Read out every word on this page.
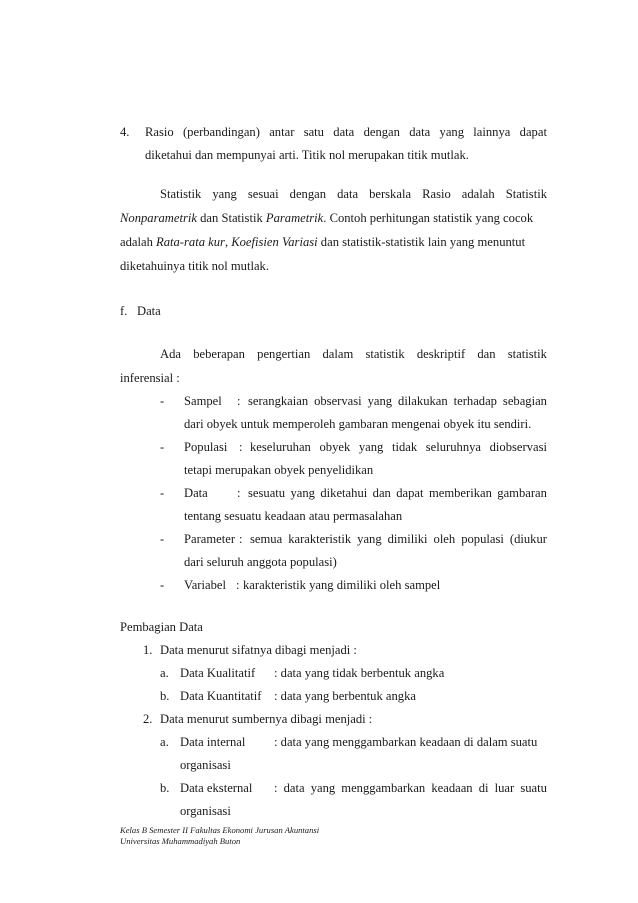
4. Rasio (perbandingan) antar satu data dengan data yang lainnya dapat
diketahui dan mempunyai arti. Titik nol merupakan titik mutlak.
Statistik yang sesuai dengan data berskala Rasio adalah Statistik
Nonparametrik dan Statistik Parametrik. Contoh perhitungan statistik yang cocok
adalah Rata-rata kur, Koefisien Variasi dan statistik-statistik lain yang menuntut
diketahuinya titik nol mutlak.
f. Data
Ada beberapan pengertian dalam statistik deskriptif dan statistik
inferensial :
- Sampel : serangkaian observasi yang dilakukan terhadap sebagian
dari obyek untuk memperoleh gambaran mengenai obyek itu sendiri.
- Populasi : keseluruhan obyek yang tidak seluruhnya diobservasi
tetapi merupakan obyek penyelidikan
- Data : sesuatu yang diketahui dan dapat memberikan gambaran
tentang sesuatu keadaan atau permasalahan
- Parameter : semua karakteristik yang dimiliki oleh populasi (diukur
dari seluruh anggota populasi)
- Variabel : karakteristik yang dimiliki oleh sampel
Pembagian Data
1. Data menurut sifatnya dibagi menjadi :
a. Data Kualitatif : data yang tidak berbentuk angka
b. Data Kuantitatif : data yang berbentuk angka
2. Data menurut sumbernya dibagi menjadi :
a. Data internal : data yang menggambarkan keadaan di dalam suatu
organisasi
b. Data eksternal : data yang menggambarkan keadaan di luar suatu
organisasi
Kelas B Semester II Fakultas Ekonomi Jurusan Akuntansi
Universitas Muhammadiyah Buton
